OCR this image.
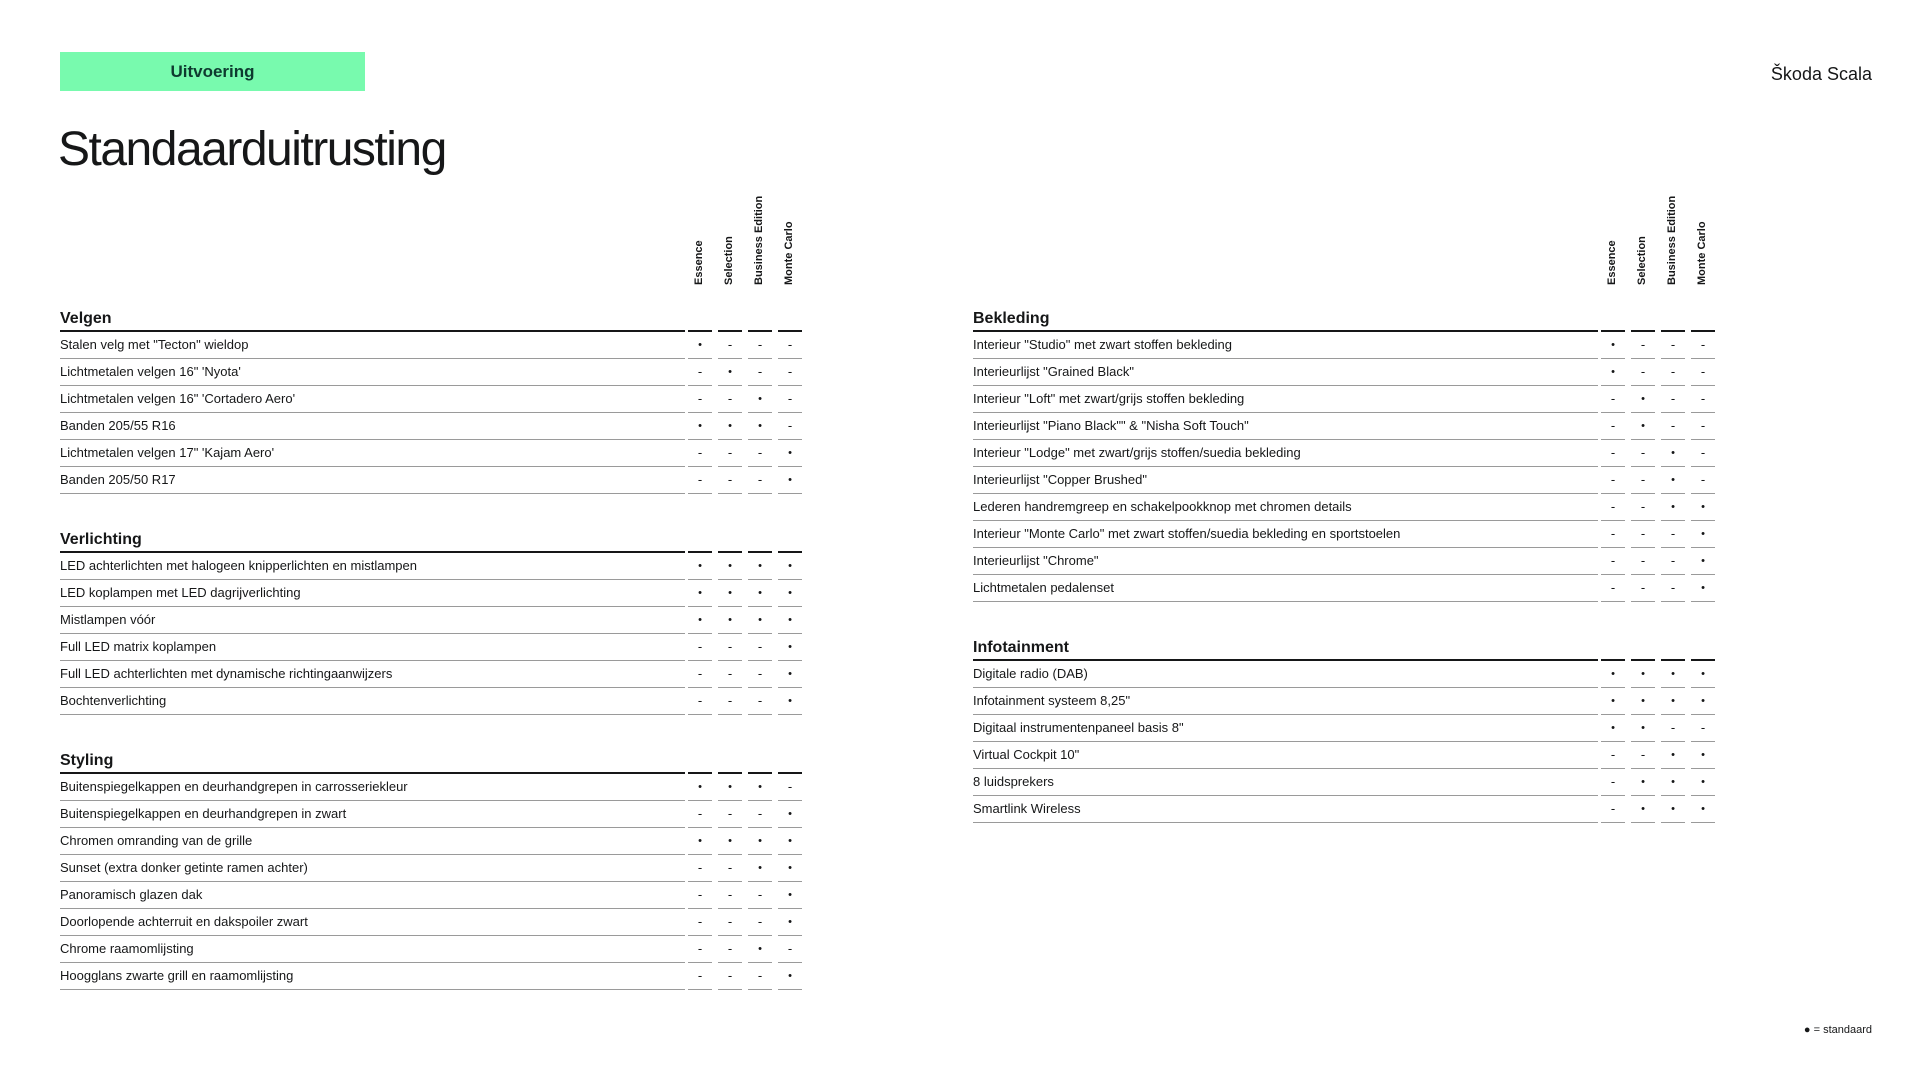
Uitvoering	Škoda Scala
Standaarduitrusting
Essence Selection Business Edition Monte Carlo
Velgen
Stalen velg met "Tecton" wieldop	•	-	-	-
Lichtmetalen velgen 16" 'Nyota'	-	•	-	-
Lichtmetalen velgen 16" 'Cortadero Aero'	-	-	•	-
Banden 205/55 R16	•	•	•	-
Lichtmetalen velgen 17" 'Kajam Aero'	-	-	-	•
Banden 205/50 R17	-	-	-	•
Verlichting
LED achterlichten met halogeen knipperlichten en mistlampen	•	•	•	•
LED koplampen met LED dagrijverlichting	•	•	•	•
Mistlampen vóór	•	•	•	•
Full LED matrix koplampen	-	-	-	•
Full LED achterlichten met dynamische richtingaanwijzers	-	-	-	•
Bochtenverlichting	-	-	-	•
Styling
Buitenspiegelkappen en deurhandgrepen in carrosseriekleur	•	•	•	-
Buitenspiegelkappen en deurhandgrepen in zwart	-	-	-	•
Chromen omranding van de grille	•	•	•	•
Sunset (extra donker getinte ramen achter)	-	-	•	•
Panoramisch glazen dak	-	-	-	•
Doorlopende achterruit en dakspoiler zwart	-	-	-	•
Chrome raamomlijsting	-	-	•	-
Hoogglans zwarte grill en raamomlijsting	-	-	-	•
Essence Selection Business Edition Monte Carlo
Bekleding
Interieur "Studio" met zwart stoffen bekleding	•	-	-	-
Interieurlijst "Grained Black"	•	-	-	-
Interieur "Loft" met zwart/grijs stoffen bekleding	-	•	-	-
Interieurlijst "Piano Black"" & "Nisha Soft Touch"	-	•	-	-
Interieur "Lodge" met zwart/grijs stoffen/suedia bekleding	-	-	•	-
Interieurlijst "Copper Brushed"	-	-	•	-
Lederen handremgreep en schakelpookknop met chromen details	-	-	•	•
Interieur "Monte Carlo" met zwart stoffen/suedia bekleding en sportstoelen	-	-	-	•
Interieurlijst "Chrome"	-	-	-	•
Lichtmetalen pedalenset	-	-	-	•
Infotainment
Digitale radio (DAB)	•	•	•	•
Infotainment systeem 8,25"	•	•	•	•
Digitaal instrumentenpaneel basis 8"	•	•	-	-
Virtual Cockpit 10"	-	-	•	•
8 luidsprekers	-	•	•	•
Smartlink Wireless	-	•	•	•
● = standaard
